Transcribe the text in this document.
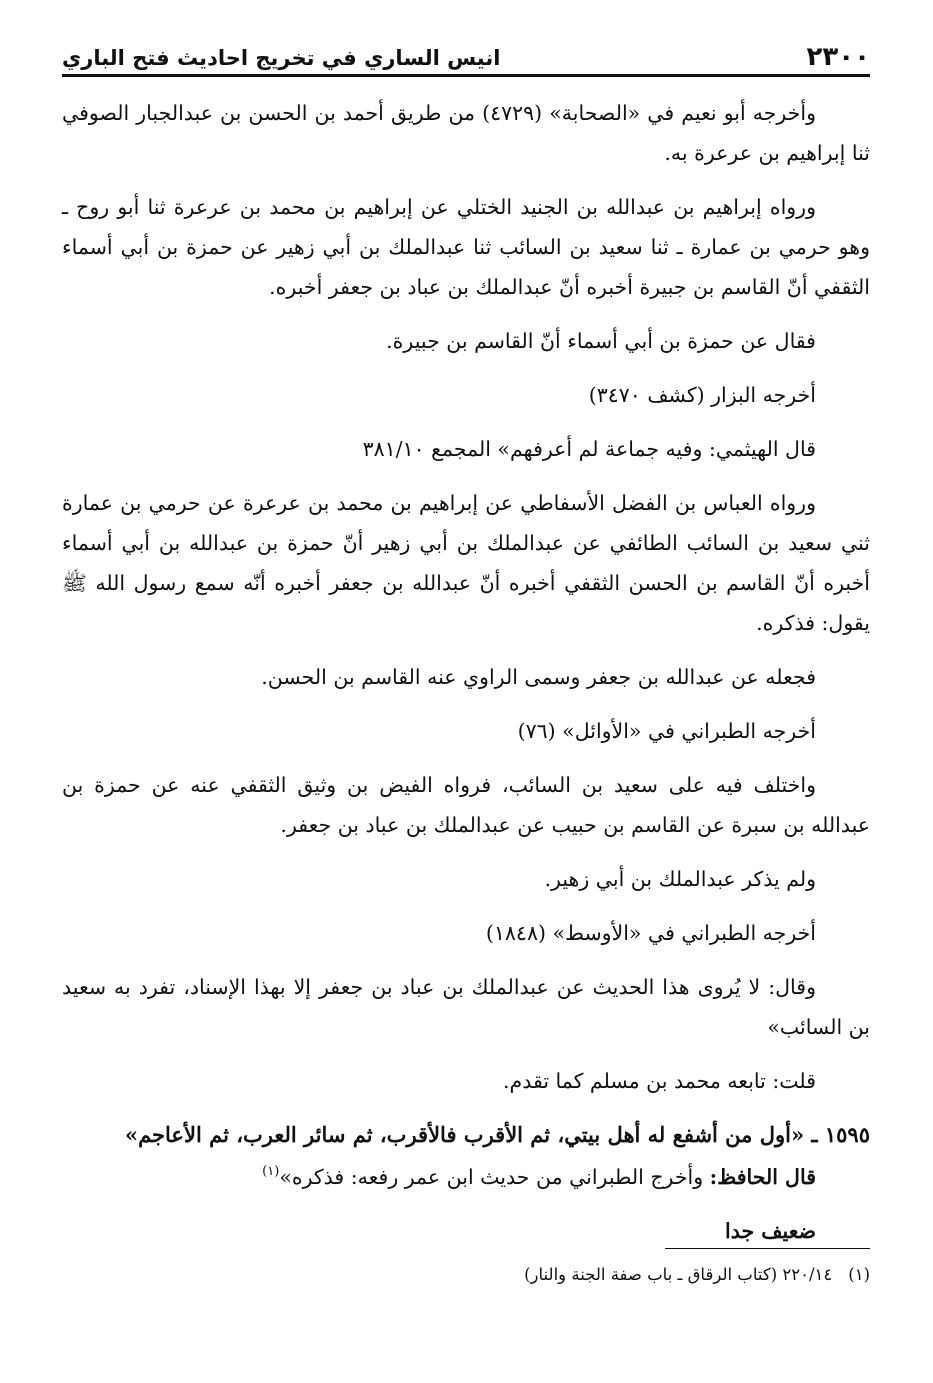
٢٣٠٠
انيس الساري في تخريج احاديث فتح الباري

وأخرجه أبو نعيم في «الصحابة» (٤٧٢٩) من طريق أحمد بن الحسن بن عبدالجبار الصوفي ثنا إبراهيم بن عرعرة به.

ورواه إبراهيم بن عبدالله بن الجنيد الختلي عن إبراهيم بن محمد بن عرعرة ثنا أبو روح ـ وهو حرمي بن عمارة ـ ثنا سعيد بن السائب ثنا عبدالملك بن أبي زهير عن حمزة بن أبي أسماء الثقفي أنّ القاسم بن جبيرة أخبره أنّ عبدالملك بن عباد بن جعفر أخبره.

فقال عن حمزة بن أبي أسماء أنّ القاسم بن جبيرة.

أخرجه البزار (كشف ٣٤٧٠)

قال الهيثمي: وفيه جماعة لم أعرفهم» المجمع ٣٨١/١٠

ورواه العباس بن الفضل الأسفاطي عن إبراهيم بن محمد بن عرعرة عن حرمي بن عمارة ثني سعيد بن السائب الطائفي عن عبدالملك بن أبي زهير أنّ حمزة بن عبدالله بن أبي أسماء أخبره أنّ القاسم بن الحسن الثقفي أخبره أنّ عبدالله بن جعفر أخبره أنّه سمع رسول الله ﷺ يقول: فذكره.

فجعله عن عبدالله بن جعفر وسمى الراوي عنه القاسم بن الحسن.

أخرجه الطبراني في «الأوائل» (٧٦)

واختلف فيه على سعيد بن السائب، فرواه الفيض بن وثيق الثقفي عنه عن حمزة بن عبدالله بن سبرة عن القاسم بن حبيب عن عبدالملك بن عباد بن جعفر.

ولم يذكر عبدالملك بن أبي زهير.

أخرجه الطبراني في «الأوسط» (١٨٤٨)

وقال: لا يُروى هذا الحديث عن عبدالملك بن عباد بن جعفر إلا بهذا الإسناد، تفرد به سعيد بن السائب»

قلت: تابعه محمد بن مسلم كما تقدم.

١٥٩٥ ـ «أول من أشفع له أهل بيتي، ثم الأقرب فالأقرب، ثم سائر العرب، ثم الأعاجم»

قال الحافظ: وأخرج الطبراني من حديث ابن عمر رفعه: فذكره»$^{(١)}$

ضعيف جدا

(١)٢٢٠/١٤ (كتاب الرقاق ـ باب صفة الجنة والنار)
